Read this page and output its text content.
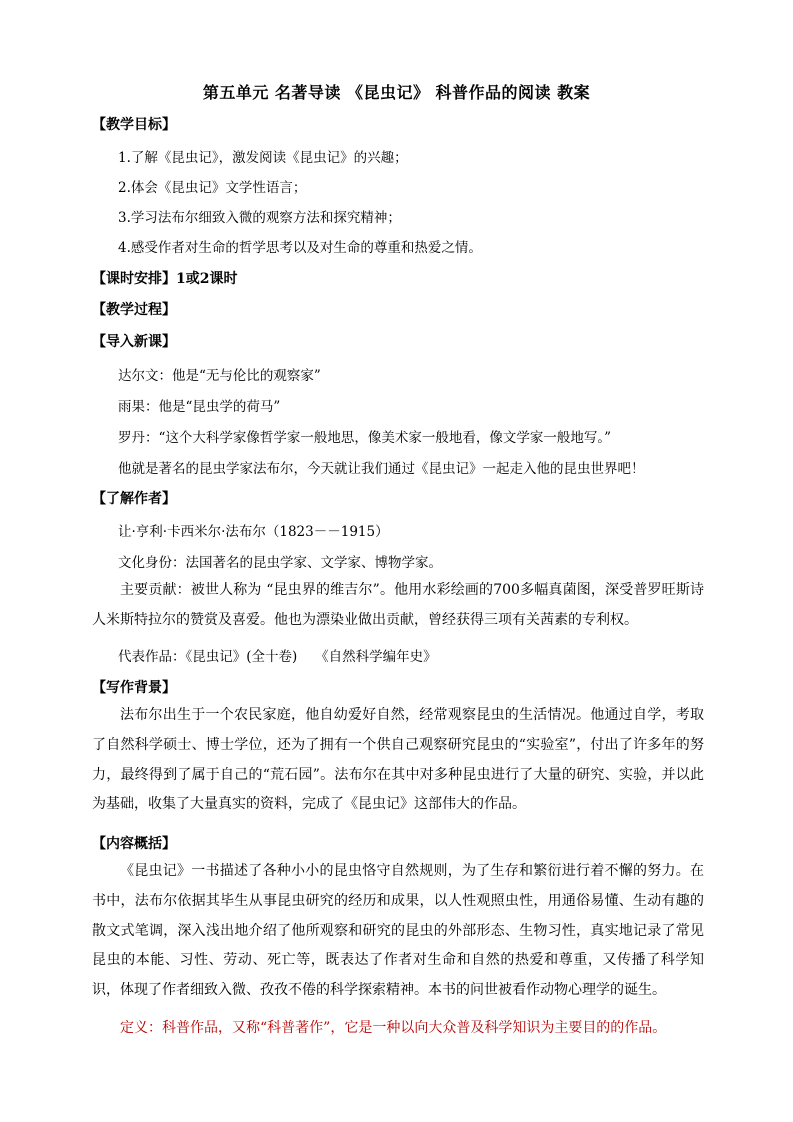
第五单元 名著导读 《昆虫记》 科普作品的阅读 教案
【教学目标】
1.了解《昆虫记》，激发阅读《昆虫记》的兴趣；
2.体会《昆虫记》文学性语言；
3.学习法布尔细致入微的观察方法和探究精神；
4.感受作者对生命的哲学思考以及对生命的尊重和热爱之情。
【课时安排】1或2课时
【教学过程】
【导入新课】
达尔文：他是“无与伦比的观察家”
雨果：他是“昆虫学的荷马”
罗丹：“这个大科学家像哲学家一般地思，像美术家一般地看，像文学家一般地写。”
他就是著名的昆虫学家法布尔，今天就让我们通过《昆虫记》一起走入他的昆虫世界吧！
【了解作者】
让·亨利·卡西米尔·法布尔（1823－－1915）
文化身份：法国著名的昆虫学家、文学家、博物学家。
主要贡献：被世人称为 “昆虫界的维吉尔”。他用水彩绘画的700多幅真菌图，深受普罗旺斯诗人米斯特拉尔的赞赏及喜爱。他也为漂染业做出贡献，曾经获得三项有关茜素的专利权。
代表作品：《昆虫记》(全十卷)　 《自然科学编年史》
【写作背景】
法布尔出生于一个农民家庭，他自幼爱好自然，经常观察昆虫的生活情况。他通过自学，考取了自然科学硕士、博士学位，还为了拥有一个供自己观察研究昆虫的“实验室”，付出了许多年的努力，最终得到了属于自己的“荒石园”。法布尔在其中对多种昆虫进行了大量的研究、实验，并以此为基础，收集了大量真实的资料，完成了《昆虫记》这部伟大的作品。
【内容概括】
《昆虫记》一书描述了各种小小的昆虫恪守自然规则，为了生存和繁衍进行着不懈的努力。在书中，法布尔依据其毕生从事昆虫研究的经历和成果，以人性观照虫性，用通俗易懂、生动有趣的散文式笔调，深入浅出地介绍了他所观察和研究的昆虫的外部形态、生物习性，真实地记录了常见昆虫的本能、习性、劳动、死亡等，既表达了作者对生命和自然的热爱和尊重，又传播了科学知识，体现了作者细致入微、孜孜不倦的科学探索精神。本书的问世被看作动物心理学的诞生。
定义：科普作品，又称“科普著作”，它是一种以向大众普及科学知识为主要目的的作品。
